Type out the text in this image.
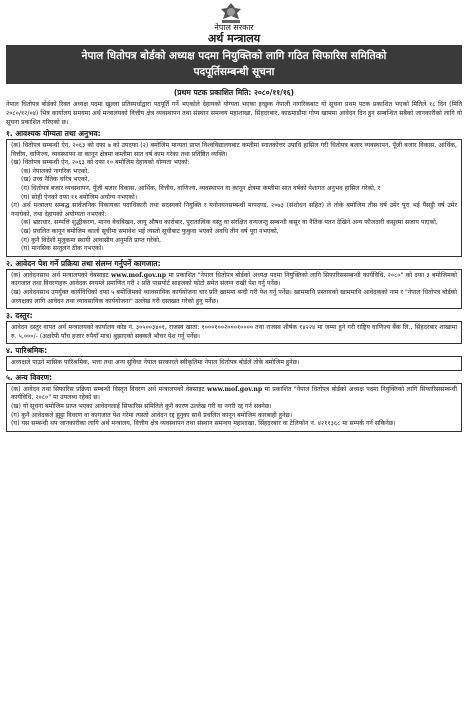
नेपाल सरकार
अर्थ मन्त्रालय
नेपाल धितोपत्र बोर्डको अध्यक्ष पदमा नियुक्तिको लागि गठित सिफारिस समितिको
पदपूर्तिसम्बन्धी सूचना
(प्रथम पटक प्रकाशित मिति: २०८०/११/१६)

नेपाल धितोपत्र बोर्डको रिक्त अध्यक्ष पदमा खुल्ला प्रतिस्पर्धाद्वारा पदपूर्ति गर्ने भएकोले देहायको योग्यता भएका इच्छुक नेपाली नागरिकबाट यो सूचना प्रथम पटक प्रकाशित भएको मितिले १८ दिन (मिति २०८०/१२/०४) भित्र कार्यालय समयमा अर्थ मन्त्रालयको वित्तीय क्षेत्र व्यवस्थापन तथा संस्थान समन्वय महाशाखा, सिंहदरबार, काठमाडौंमा गोप्य खाममा आवेदन दिन हुन सम्बन्धित सबैको जानकारीको लागि यो सूचना प्रकाशित गरिएको छ।

१. आवश्यक योग्यता तथा अनुभव:

(क) धितोपत्र सम्बन्धी ऐन, २०६३ को दफा ७ को उपदफा (२) बमोजिम मान्यता प्राप्त विश्वविद्यालयबाट कम्तीमा स्नातकोत्तर उपाधि हासिल गरी धितोपत्र बजार व्यवस्थापन, पूँजी बजार विकास, आर्थिक, वित्तीय, वाणिज्य, व्यवस्थापन वा कानून क्षेत्रमा कम्तीमा सात वर्ष काम गरेका तथा प्रतिष्ठित व्यक्ति।

(ख) धितोपत्र सम्बन्धी ऐन, २०६३ को दफा १० बमोजिम देहायको योग्यता भएको:

(क) नेपालको नागरिक भएको,

(ख) उच्च नैतिक चरित्र भएको,

(ग) धितोपत्र बजार व्यवस्थापन, पूँजी बजार विकास, आर्थिक, वित्तीय, वाणिज्य, व्यवस्थापन वा कानून क्षेत्रमा कम्तीमा सात वर्षको पेशागत अनुभव हासिल गरेको, र

(घ) सोही ऐनको दफा ११ बमोजिम अयोग्य नभएको।

(ग) अर्थ मन्त्रालय सम्बद्ध सार्वजनिक निकायका पदाधिकारी तथा सदस्यको नियुक्ति र मनोनयनसम्बन्धी मापदण्ड, २०७३ (संशोधन सहित) ले तोके बमोजिम तीस वर्ष उमेर पूरा भई पैंसट्ठी वर्ष उमेर ननाघेको, तथा देहायको अयोग्यता नभएको:

(क) भ्रष्टाचार, सम्पत्ति शुद्धीकरण, मानव बेचबिखन, लागू औषध कारोबार, पुरातात्विक वस्तु वा संरक्षित वन्यजन्तु सम्बन्धी कसुर वा नैतिक पतन देखिने अन्य फौजदारी कसुरमा सजाय पाएको,

(ख) प्रचलित कानून बमोजिम कालो सूचीमा समावेश भई त्यस्तो सूचीबाट फुकुवा भएको अवधि तीन वर्ष पूरा नभएको,

(ग) कुनै विदेशी मुलुकमा स्थायी आवासीय अनुमति प्राप्त गरेको,

(घ) मानसिक सन्तुलन ठीक नभएको।

२. आवेदन पेश गर्ने प्रक्रिया तथा संलग्न गर्नुपर्ने कागजात:

(क) आवेदनसाथ अर्थ मन्त्रालयको वेबसाइट www.mof.gov.np मा प्रकाशित "नेपाल धितोपत्र बोर्डको अध्यक्ष पदमा नियुक्तिको लागि सिफारिससम्बन्धी कार्यविधि, २०८०" को दफा ३ बमोजिमको कागजात तथा विवरणहरू आवेदक स्वयम्ले प्रमाणित गरी २ प्रति पासपोर्ट साइजको फोटो समेत संलग्न राखी पेश गर्नु पर्नेछ।

(ख) आवेदनसाथ उपर्युक्त कार्यविधिको दफा ५ बमोजिमको व्यावसायिक कार्ययोजना चार प्रति खाममा बन्दी गरी पेश गर्नु पर्नेछ। खाममाथि प्रस्तावको खाममाथि आवेदकको नाम र "नेपाल धितोपत्र बोर्डको अध्यक्षका लागि आवेदन तथा व्यावसायिक कार्ययोजना" उल्लेख गरी दस्तखत गरेको हुनु पर्नेछ।

३. दस्तुर:

आवेदन दस्तुर वापत अर्थ मन्त्रालयको कार्यालय कोड नं. ३०५००३४०१, राजस्व खाता: १०००१००२०००१०००० तथा राजस्व शीर्षक १४२२४ मा जम्मा हुने गरी राष्ट्रिय वाणिज्य बैंक लि., सिंहदरबार शाखामा रु. ५,०००/- (अक्षरेपी पाँच हजार रुपैयाँ मात्र) बुझाएको सक्कलै भौचर पेश गर्नु पर्नेछ।

४. पारिश्रमिक:

अध्यक्षले पाउने मासिक पारिश्रमिक, भत्ता तथा अन्य सुविधा नेपाल सरकारले स्वीकृतिमा नेपाल धितोपत्र बोर्डले तोके बमोजिम हुनेछ।

५. अन्य विवरण:

(क) आवेदन तथा सिफारिस प्रक्रिया सम्बन्धी विस्तृत विवरण अर्थ मन्त्रालयको वेबसाइट www.mof.gov.np मा प्रकाशित "नेपाल धितोपत्र बोर्डको अध्यक्ष पदमा नियुक्तिको लागि सिफारिससम्बन्धी कार्यविधि, २०८०" मा उपलब्ध रहेको छ।

(ख) यो सूचना बमोजिम प्राप्त भएका आवेदनलाई सिफारिस समितिले कुनै कारण उल्लेख गरी वा नगरी रद्द गर्न सक्नेछ।

(ग) कुनै आवेदकले झुट्टा विवरण वा कागजात पेश गरेमा त्यस्तो आवेदन रद्द हुनुका साथै प्रचलित कानून बमोजिम कारबाही हुनेछ।

(घ) यस सम्बन्धी थप जानकारीका लागि अर्थ मन्त्रालय, वित्तीय क्षेत्र व्यवस्थापन तथा संस्थान समन्वय महाशाखा, सिंहदरबार वा टेलिफोन नं. ४२११३६८ मा सम्पर्क गर्न सकिनेछ।
